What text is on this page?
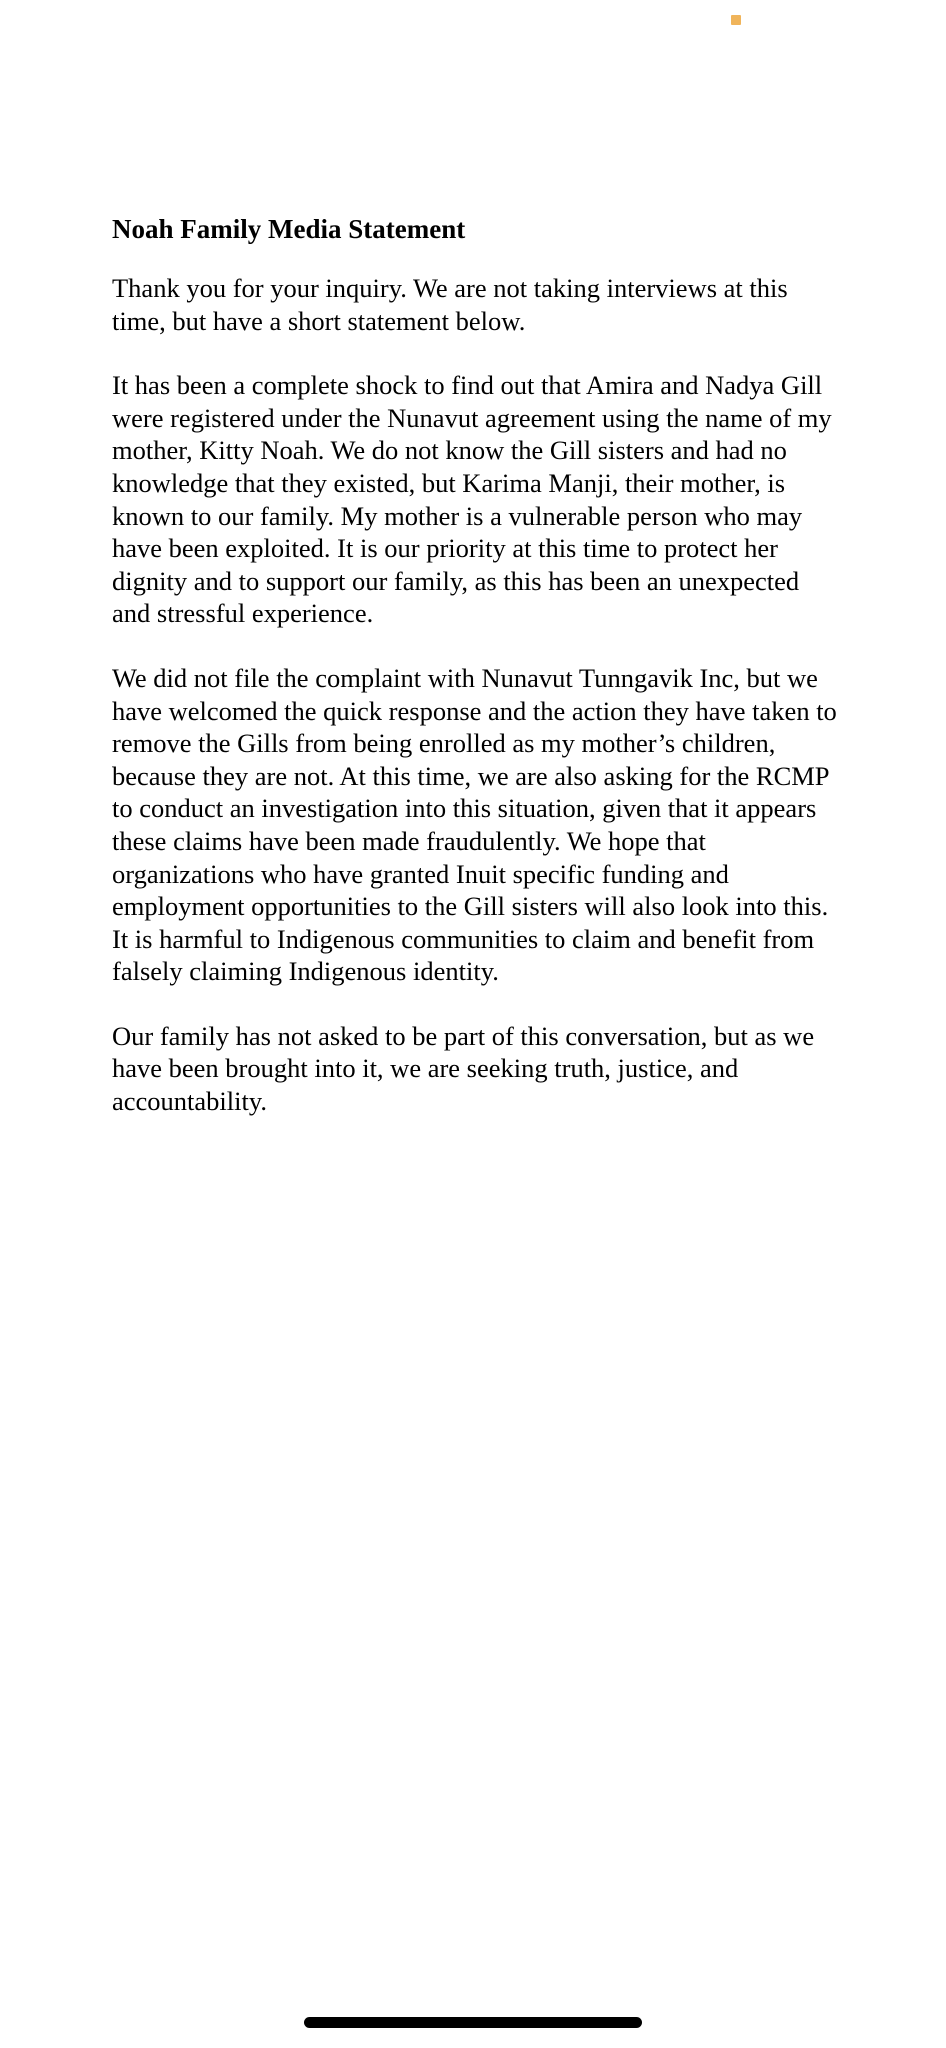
Noah Family Media Statement

Thank you for your inquiry. We are not taking interviews at this time, but have a short statement below.

It has been a complete shock to find out that Amira and Nadya Gill were registered under the Nunavut agreement using the name of my mother, Kitty Noah. We do not know the Gill sisters and had no knowledge that they existed, but Karima Manji, their mother, is known to our family. My mother is a vulnerable person who may have been exploited. It is our priority at this time to protect her dignity and to support our family, as this has been an unexpected and stressful experience.

We did not file the complaint with Nunavut Tunngavik Inc, but we have welcomed the quick response and the action they have taken to remove the Gills from being enrolled as my mother’s children, because they are not. At this time, we are also asking for the RCMP to conduct an investigation into this situation, given that it appears these claims have been made fraudulently. We hope that organizations who have granted Inuit specific funding and employment opportunities to the Gill sisters will also look into this. It is harmful to Indigenous communities to claim and benefit from falsely claiming Indigenous identity.

Our family has not asked to be part of this conversation, but as we have been brought into it, we are seeking truth, justice, and accountability.
